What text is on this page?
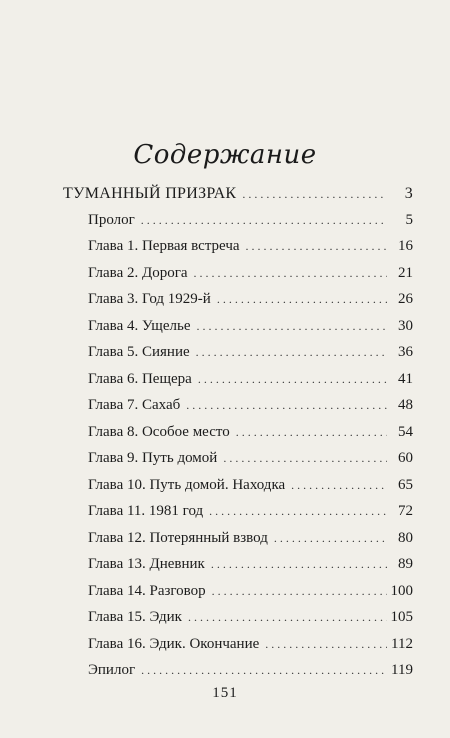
Содержание
ТУМАННЫЙ ПРИЗРАК . . .	3
Пролог . . .	5
Глава 1. Первая встреча . . .	16
Глава 2. Дорога . . .	21
Глава 3. Год 1929-й . . .	26
Глава 4. Ущелье . . .	30
Глава 5. Сияние . . .	36
Глава 6. Пещера . . .	41
Глава 7. Сахаб . . .	48
Глава 8. Особое место . . .	54
Глава 9. Путь домой . . .	60
Глава 10. Путь домой. Находка . . .	65
Глава 11. 1981 год . . .	72
Глава 12. Потерянный взвод . . .	80
Глава 13. Дневник . . .	89
Глава 14. Разговор . . .	100
Глава 15. Эдик . . .	105
Глава 16. Эдик. Окончание . . .	112
Эпилог . . .	119
151
